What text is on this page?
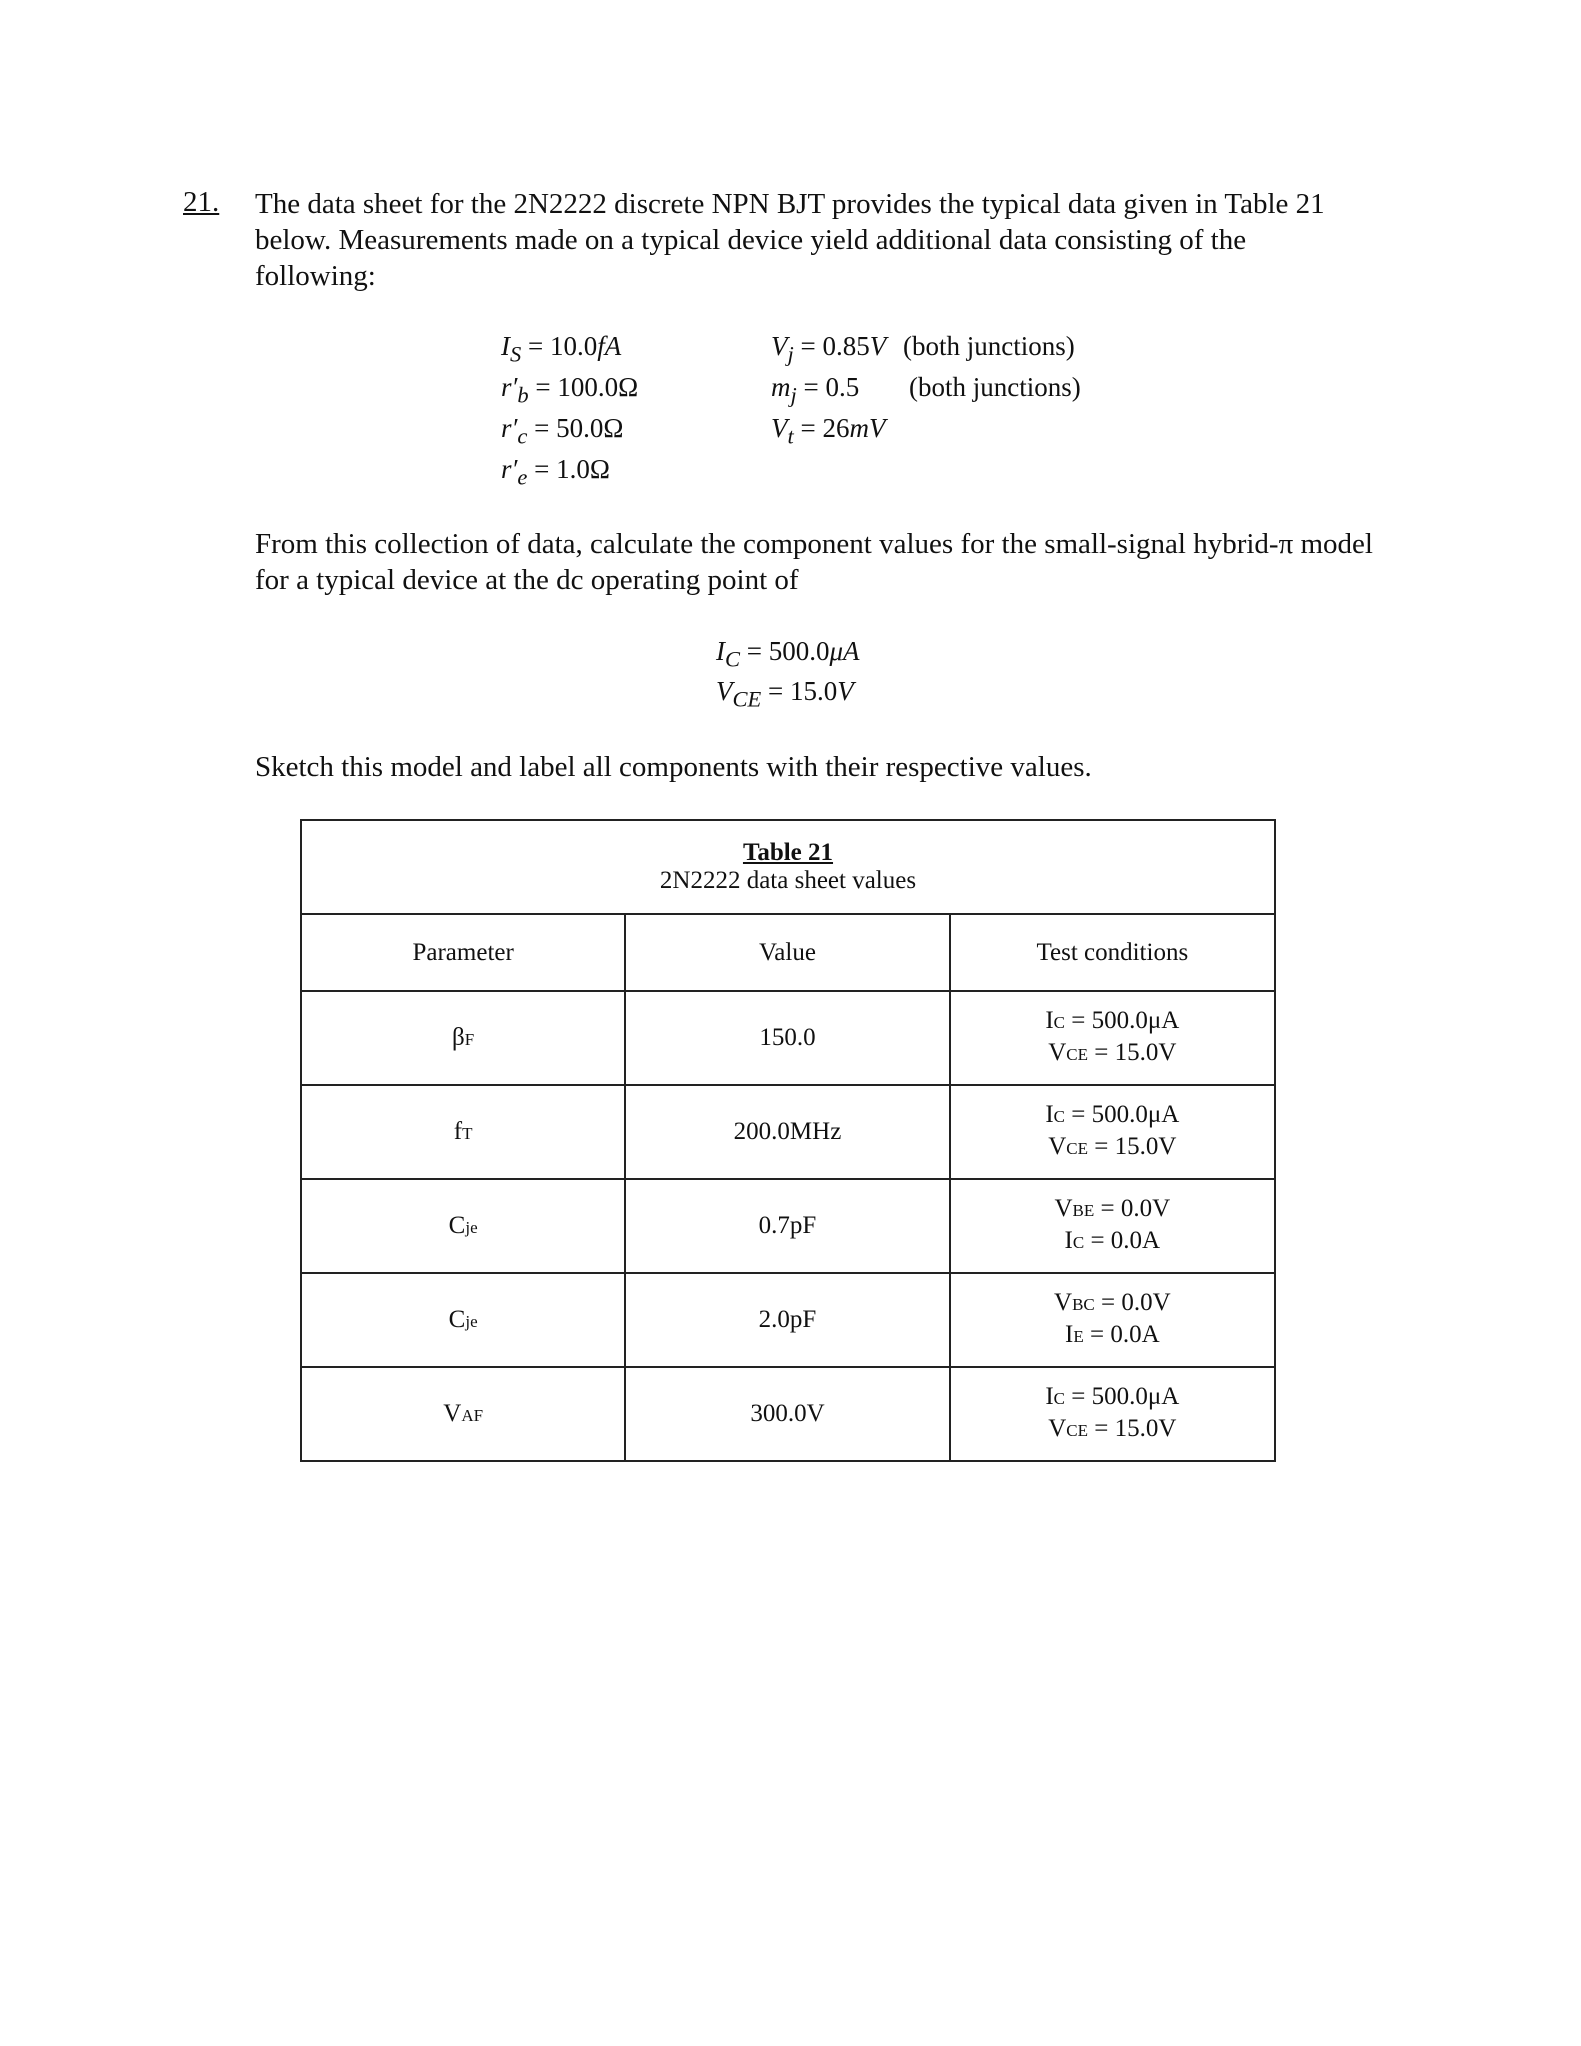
21. The data sheet for the 2N2222 discrete NPN BJT provides the typical data given in Table 21 below. Measurements made on a typical device yield additional data consisting of the following:
$I_S = 10.0fA$
$r'_b = 100.0\Omega$
$r'_c = 50.0\Omega$
$r'_e = 1.0\Omega$
$V_j = 0.85V$
$m_j = 0.5$
$V_t = 26mV$
(both junctions)
(both junctions)
From this collection of data, calculate the component values for the small-signal hybrid-π model for a typical device at the dc operating point of
$I_C = 500.0\mu A$
$V_{CE} = 15.0V$
Sketch this model and label all components with their respective values.
Table 21
2N2222 data sheet values		

Parameter	Value	Test conditions
βF	150.0	IC = 500.0μA
VCE = 15.0V

fT	200.0MHz	IC = 500.0μA
VCE = 15.0V

Cje	0.7pF	VBE = 0.0V
IC = 0.0A

Cje	2.0pF	VBC = 0.0V
IE = 0.0A

VAF	300.0V	IC = 500.0μA
VCE = 15.0V
